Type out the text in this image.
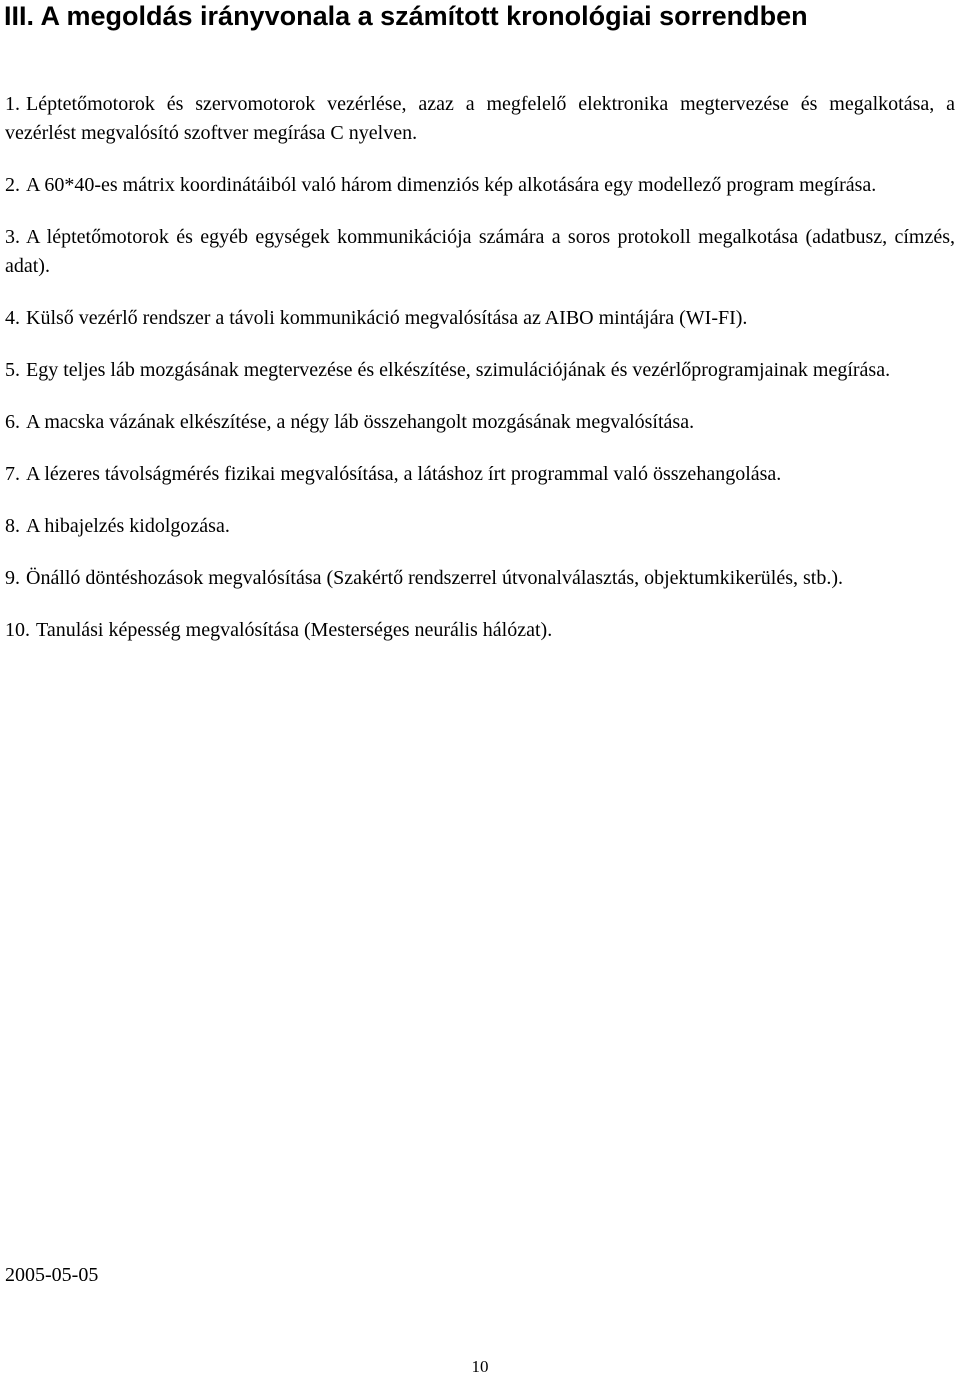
III. A megoldás irányvonala a számított kronológiai sorrendben

1. Léptetőmotorok és szervomotorok vezérlése, azaz a megfelelő elektronika megtervezése és megalkotása, a vezérlést megvalósító szoftver megírása C nyelven.

2. A 60*40-es mátrix koordinátáiból való három dimenziós kép alkotására egy modellező program megírása.

3. A léptetőmotorok és egyéb egységek kommunikációja számára a soros protokoll megalkotása (adatbusz, címzés, adat).

4. Külső vezérlő rendszer a távoli kommunikáció megvalósítása az AIBO mintájára (WI-FI).

5. Egy teljes láb mozgásának megtervezése és elkészítése, szimulációjának és vezérlőprogramjainak megírása.

6. A macska vázának elkészítése, a négy láb összehangolt mozgásának megvalósítása.

7. A lézeres távolságmérés fizikai megvalósítása, a látáshoz írt programmal való összehangolása.

8. A hibajelzés kidolgozása.

9. Önálló döntéshozások megvalósítása (Szakértő rendszerrel útvonalválasztás, objektumkikerülés, stb.).

10. Tanulási képesség megvalósítása (Mesterséges neurális hálózat).

2005-05-05
10
